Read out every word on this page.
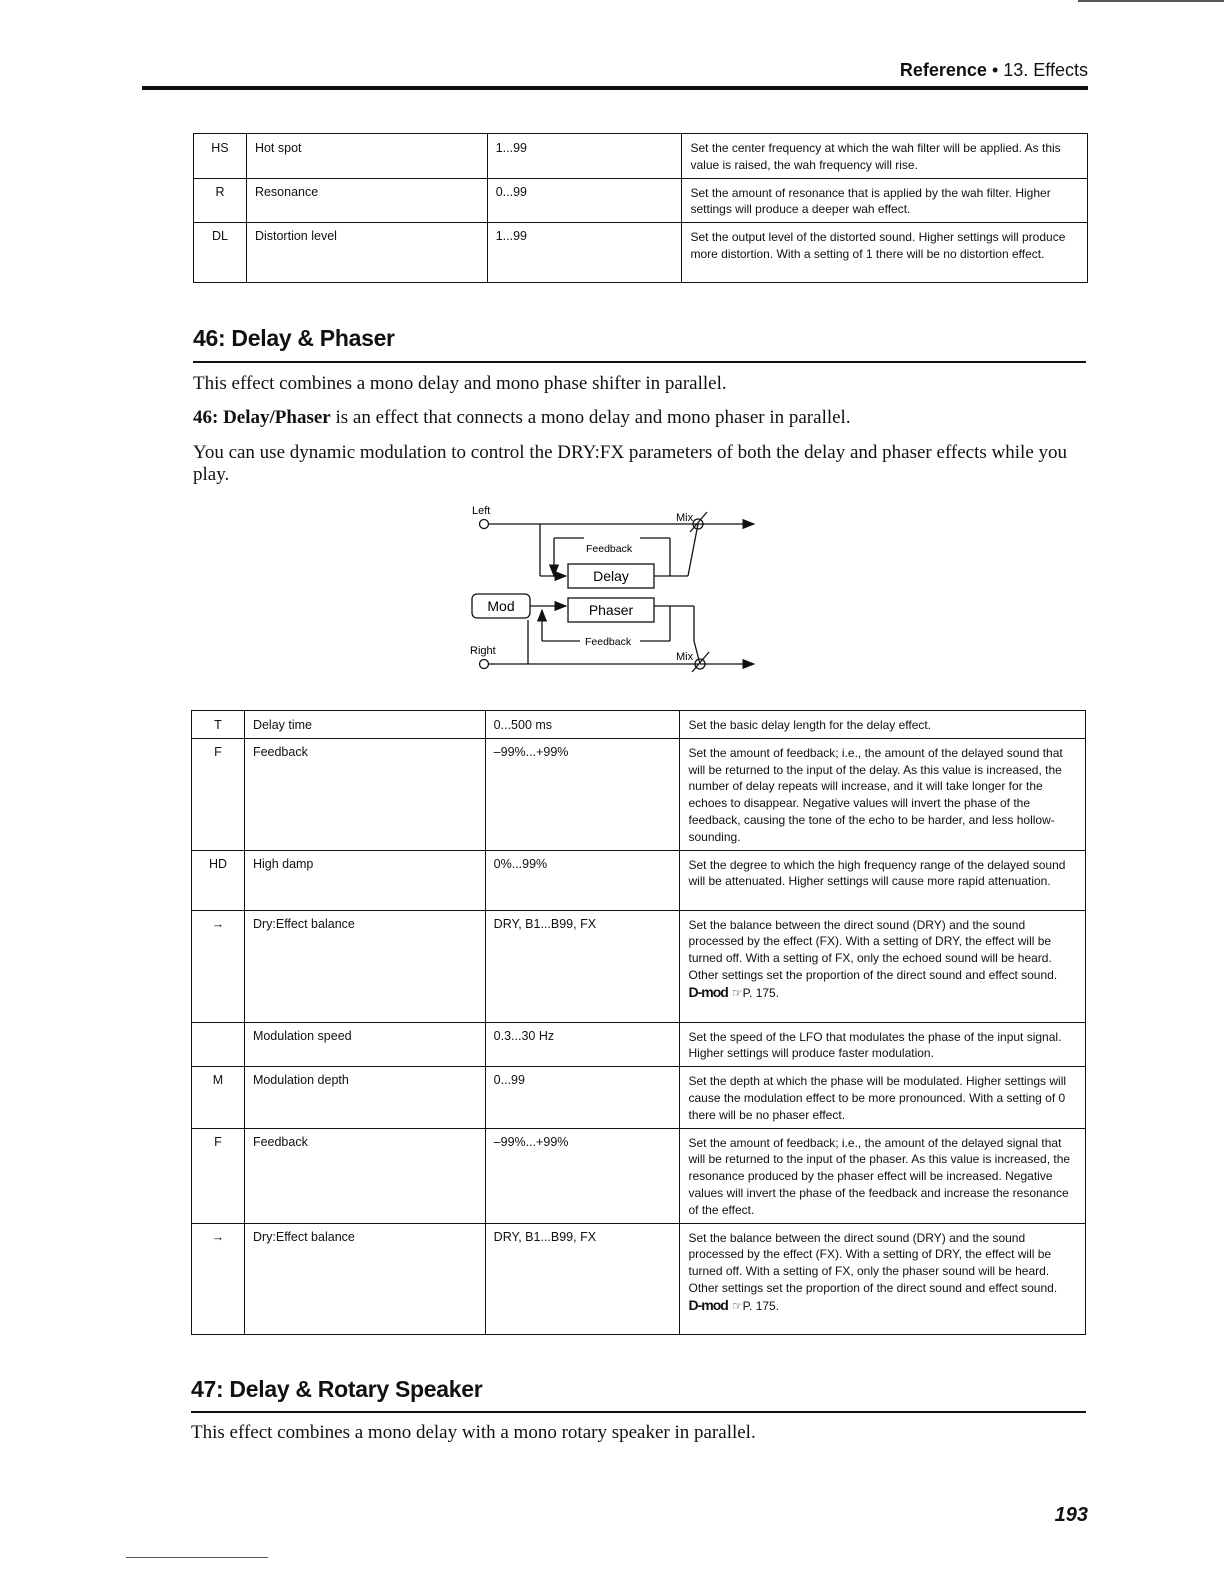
Reference • 13. Effects
HS	Hot spot	1...99	Set the center frequency at which the wah filter will be applied. As this value is raised, the wah frequency will rise.
R	Resonance	0...99	Set the amount of resonance that is applied by the wah filter. Higher settings will produce a deeper wah effect.
DL	Distortion level	1...99	Set the output level of the distorted sound. Higher settings will produce more distortion. With a setting of 1 there will be no distortion effect.
46: Delay & Phaser
This effect combines a mono delay and mono phase shifter in parallel.
46: Delay/Phaser is an effect that connects a mono delay and mono phaser in parallel.
You can use dynamic modulation to control the DRY:FX parameters of both the delay and phaser effects while you play.
Left
Right
Mix
Mix
Feedback
Feedback
Delay
Phaser
Mod
T	Delay time	0...500 ms	Set the basic delay length for the delay effect.
F	Feedback	–99%...+99%	Set the amount of feedback; i.e., the amount of the delayed sound that will be returned to the input of the delay. As this value is increased, the number of delay repeats will increase, and it will take longer for the echoes to disappear. Negative values will invert the phase of the feedback, causing the tone of the echo to be harder, and less hollow-sounding.
HD	High damp	0%...99%	Set the degree to which the high frequency range of the delayed sound will be attenuated. Higher settings will cause more rapid attenuation.
→	Dry:Effect balance	DRY, B1...B99, FX	Set the balance between the direct sound (DRY) and the sound processed by the effect (FX). With a setting of DRY, the effect will be turned off. With a setting of FX, only the echoed sound will be heard. Other settings set the proportion of the direct sound and effect sound.
D-mod ☞P. 175.
	Modulation speed	0.3...30 Hz	Set the speed of the LFO that modulates the phase of the input signal. Higher settings will produce faster modulation.
M	Modulation depth	0...99	Set the depth at which the phase will be modulated. Higher settings will cause the modulation effect to be more pronounced. With a setting of 0 there will be no phaser effect.
F	Feedback	–99%...+99%	Set the amount of feedback; i.e., the amount of the delayed signal that will be returned to the input of the phaser. As this value is increased, the resonance produced by the phaser effect will be increased. Negative values will invert the phase of the feedback and increase the resonance of the effect.
→	Dry:Effect balance	DRY, B1...B99, FX	Set the balance between the direct sound (DRY) and the sound processed by the effect (FX). With a setting of DRY, the effect will be turned off. With a setting of FX, only the phaser sound will be heard. Other settings set the proportion of the direct sound and effect sound.
D-mod ☞P. 175.
47: Delay & Rotary Speaker
This effect combines a mono delay with a mono rotary speaker in parallel.
193
